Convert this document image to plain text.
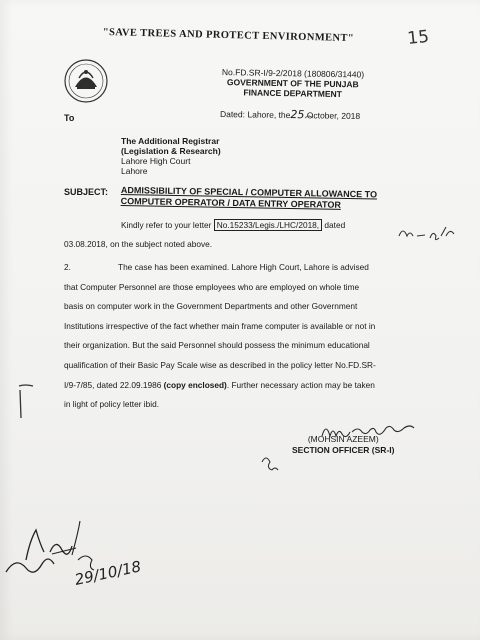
"SAVE TREES AND PROTECT ENVIRONMENT"
No.FD.SR-I/9-2/2018 (180806/31440)
GOVERNMENT OF THE PUNJAB
FINANCE DEPARTMENT
Dated: Lahore, the25 October, 2018
To
The Additional Registrar
(Legislation & Research)
Lahore High Court
Lahore
SUBJECT: ADMISSIBILITY OF SPECIAL / COMPUTER ALLOWANCE TO COMPUTER OPERATOR / DATA ENTRY OPERATOR
Kindly refer to your letter No.15233/Legis./LHC/2018, dated
03.08.2018, on the subject noted above.
2.	The case has been examined. Lahore High Court, Lahore is advised
that Computer Personnel are those employees who are employed on whole time
basis on computer work in the Government Departments and other Government
Institutions irrespective of the fact whether main frame computer is available or not in
their organization. But the said Personnel should possess the minimum educational
qualification of their Basic Pay Scale wise as described in the policy letter No.FD.SR-
I/9-7/85, dated 22.09.1986 (copy enclosed). Further necessary action may be taken
in light of policy letter ibid.
(MOHSIN AZEEM)
SECTION OFFICER (SR-I)
15
29/10/18
